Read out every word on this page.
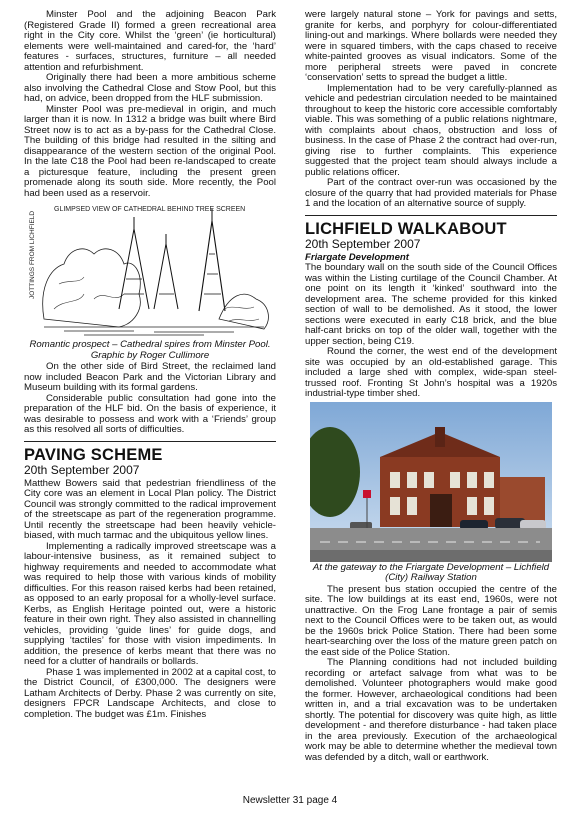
Minster Pool and the adjoining Beacon Park (Registered Grade II) formed a green recreational area right in the City core. Whilst the ‘green’ (ie horticultural) elements were well-maintained and cared-for, the ‘hard’ features - surfaces, structures, furniture – all needed attention and refurbishment.

Originally there had been a more ambitious scheme also involving the Cathedral Close and Stow Pool, but this had, on advice, been dropped from the HLF submission.

Minster Pool was pre-medieval in origin, and much larger than it is now. In 1312 a bridge was built where Bird Street now is to act as a by-pass for the Cathedral Close. The building of this bridge had resulted in the silting and disappearance of the western section of the original Pool. In the late C18 the Pool had been re-landscaped to create a picturesque feature, including the present green promenade along its south side. More recently, the Pool had been used as a reservoir.

GLIMPSED VIEW OF CATHEDRAL BEHIND TREE SCREEN
JOTTINGS FROM LICHFIELD
Romantic prospect – Cathedral spires from Minster Pool. Graphic by Roger Cullimore

On the other side of Bird Street, the reclaimed land now included Beacon Park and the Victorian Library and Museum building with its formal gardens.

Considerable public consultation had gone into the preparation of the HLF bid. On the basis of experience, it was desirable to possess and work with a ‘Friends’ group as this resolved all sorts of difficulties.

PAVING SCHEME
20th September 2007

Matthew Bowers said that pedestrian friendliness of the City core was an element in Local Plan policy. The District Council was strongly committed to the radical improvement of the streetscape as part of the regeneration programme. Until recently the streetscape had been heavily vehicle-biased, with much tarmac and the ubiquitous yellow lines.

Implementing a radically improved streetscape was a labour-intensive business, as it remained subject to highway requirements and needed to accommodate what was required to help those with various kinds of mobility difficulties. For this reason raised kerbs had been retained, as opposed to an early proposal for a wholly-level surface. Kerbs, as English Heritage pointed out, were a historic feature in their own right. They also assisted in channelling vehicles, providing ‘guide lines’ for guide dogs, and supplying ‘tactiles’ for those with vision impediments. In addition, the presence of kerbs meant that there was no need for a clutter of handrails or bollards.

Phase 1 was implemented in 2002 at a capital cost, to the District Council, of £300,000. The designers were Latham Architects of Derby. Phase 2 was currently on site, designers FPCR Landscape Architects, and close to completion. The budget was £1m. Finishes

were largely natural stone – York for pavings and setts, granite for kerbs, and porphyry for colour-differentiated lining-out and markings. Where bollards were needed they were in squared timbers, with the caps chased to receive white-painted grooves as visual indicators. Some of the more peripheral streets were paved in concrete ‘conservation’ setts to spread the budget a little.

Implementation had to be very carefully-planned as vehicle and pedestrian circulation needed to be maintained throughout to keep the historic core accessible comfortably viable. This was something of a public relations nightmare, with complaints about chaos, obstruction and loss of business. In the case of Phase 2 the contract had over-run, giving rise to further complaints. This experience suggested that the project team should always include a public relations officer.

Part of the contract over-run was occasioned by the closure of the quarry that had provided materials for Phase 1 and the location of an alternative source of supply.

LICHFIELD WALKABOUT
20th September 2007
Friargate Development

The boundary wall on the south side of the Council Offices was within the Listing curtilage of the Council Chamber. At one point on its length it ‘kinked’ southward into the development area. The scheme provided for this kinked section of wall to be demolished. As it stood, the lower sections were executed in early C18 brick, and the blue half-cant bricks on top of the older wall, together with the upper section, being C19.

Round the corner, the west end of the development site was occupied by an old-established garage. This included a large shed with complex, wide-span steel-trussed roof. Fronting St John’s hospital was a 1920s industrial-type timber shed.

At the gateway to the Friargate Development – Lichfield (City) Railway Station

The present bus station occupied the centre of the site. The low buildings at its east end, 1960s, were not unattractive. On the Frog Lane frontage a pair of semis next to the Council Offices were to be taken out, as would be the 1960s brick Police Station. There had been some heart-searching over the loss of the mature green patch on the east side of the Police Station.

The Planning conditions had not included building recording or artefact salvage from what was to be demolished. Volunteer photographers would make good the former. However, archaeological conditions had been written in, and a trial excavation was to be undertaken shortly. The potential for discovery was quite high, as little development - and therefore disturbance - had taken place in the area previously. Execution of the archaeological work may be able to determine whether the medieval town was defended by a ditch, wall or earthwork.

Newsletter 31 page 4
